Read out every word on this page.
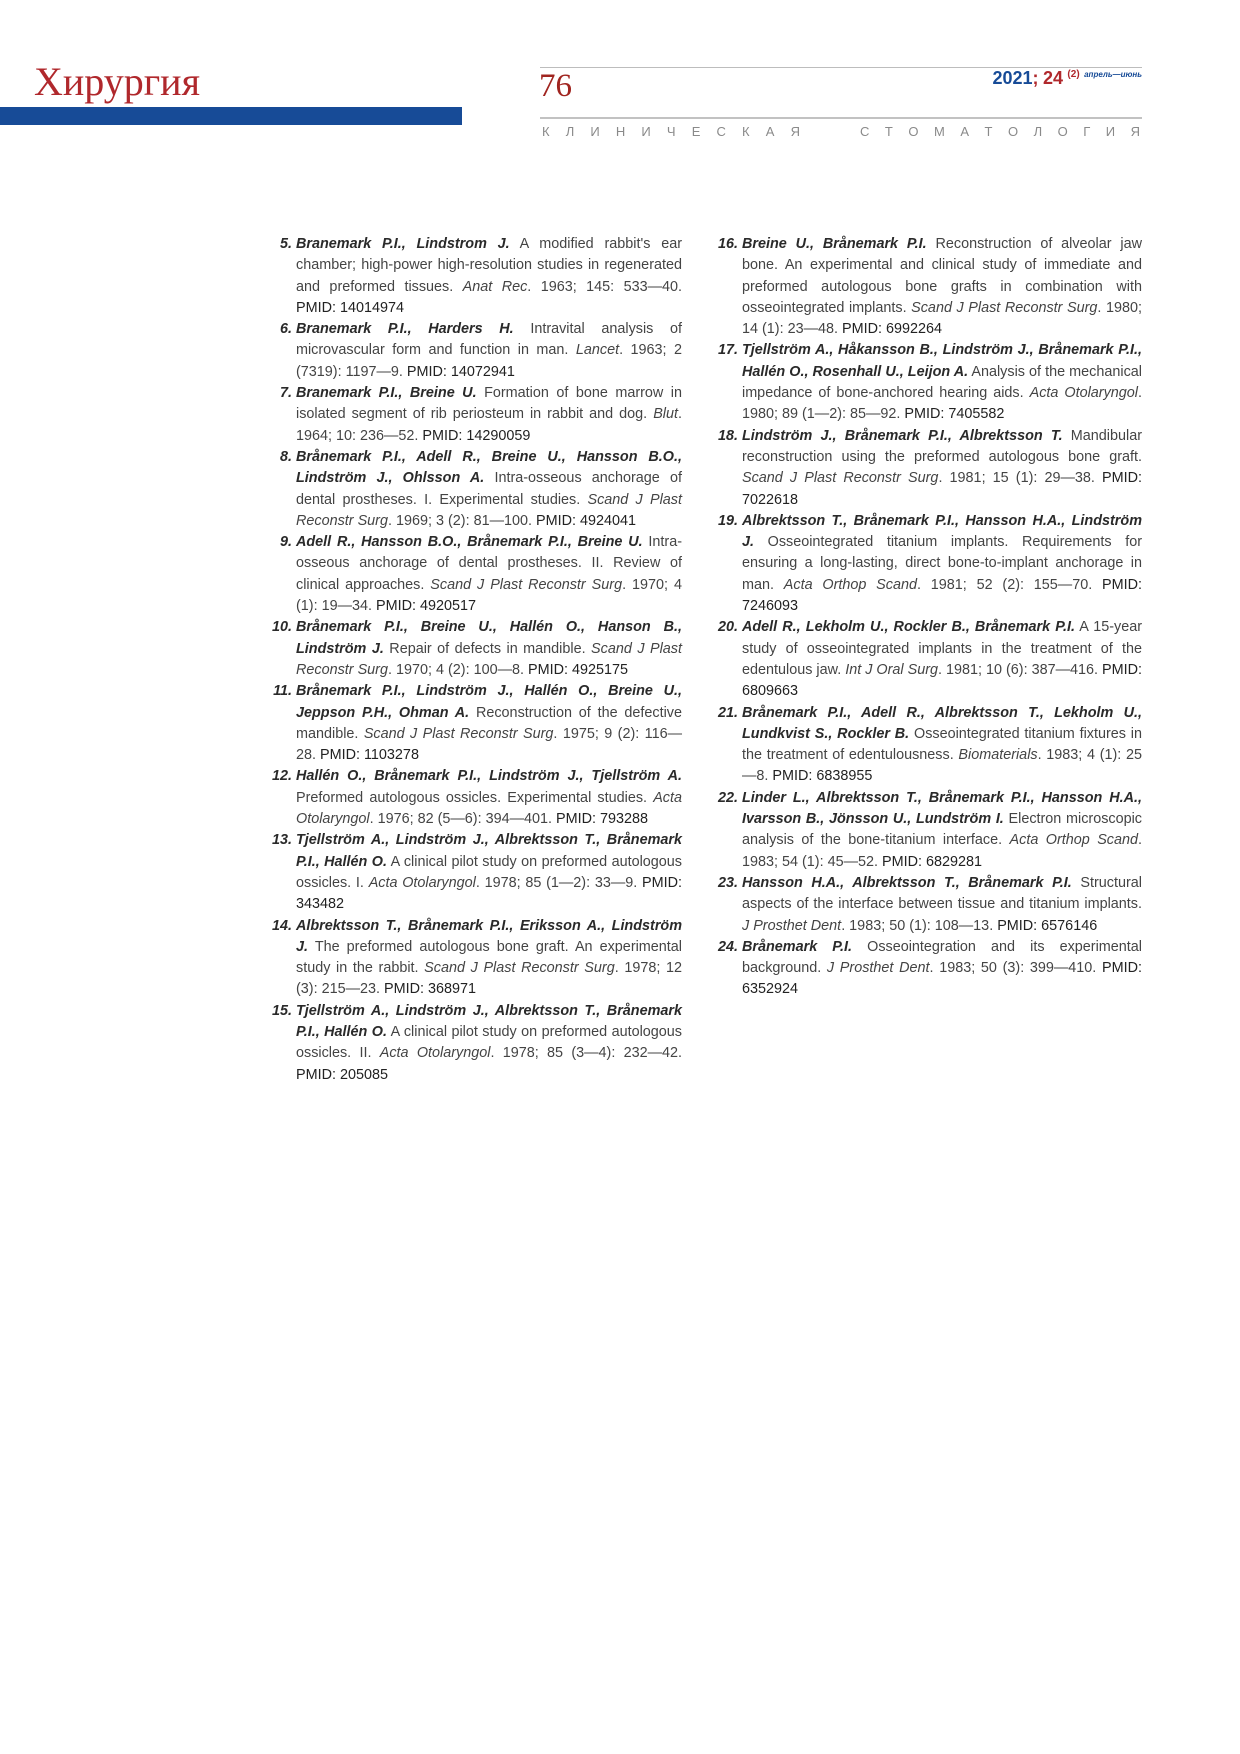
Хирургия	76	2021; 24 $^{(2)}$ $^{апрель—июнь}$
К Л И Н И Ч Е С К А Я	С Т О М А Т О Л О Г И Я
5. Branemark P.I., Lindstrom J. A modified rabbit's ear chamber; high-power high-resolution studies in regenerated and preformed tissues. Anat Rec. 1963; 145: 533—40. PMID: 14014974
6. Branemark P.I., Harders H. Intravital analysis of microvascular form and function in man. Lancet. 1963; 2 (7319): 1197—9. PMID: 14072941
7. Branemark P.I., Breine U. Formation of bone marrow in isolated segment of rib periosteum in rabbit and dog. Blut. 1964; 10: 236—52. PMID: 14290059
8. Brånemark P.I., Adell R., Breine U., Hansson B.O., Lindström J., Ohlsson A. Intra-osseous anchorage of dental prostheses. I. Experimental studies. Scand J Plast Reconstr Surg. 1969; 3 (2): 81—100. PMID: 4924041
9. Adell R., Hansson B.O., Brånemark P.I., Breine U. Intra-osseous anchorage of dental prostheses. II. Review of clinical approaches. Scand J Plast Reconstr Surg. 1970; 4 (1): 19—34. PMID: 4920517
10. Brånemark P.I., Breine U., Hallén O., Hanson B., Lindström J. Repair of defects in mandible. Scand J Plast Reconstr Surg. 1970; 4 (2): 100—8. PMID: 4925175
11. Brånemark P.I., Lindström J., Hallén O., Breine U., Jeppson P.H., Ohman A. Reconstruction of the defective mandible. Scand J Plast Reconstr Surg. 1975; 9 (2): 116—28. PMID: 1103278
12. Hallén O., Brånemark P.I., Lindström J., Tjellström A. Preformed autologous ossicles. Experimental studies. Acta Otolaryngol. 1976; 82 (5—6): 394—401. PMID: 793288
13. Tjellström A., Lindström J., Albrektsson T., Brånemark P.I., Hallén O. A clinical pilot study on preformed autologous ossicles. I. Acta Otolaryngol. 1978; 85 (1—2): 33—9. PMID: 343482
14. Albrektsson T., Brånemark P.I., Eriksson A., Lindström J. The preformed autologous bone graft. An experimental study in the rabbit. Scand J Plast Reconstr Surg. 1978; 12 (3): 215—23. PMID: 368971
15. Tjellström A., Lindström J., Albrektsson T., Brånemark P.I., Hallén O. A clinical pilot study on preformed autologous ossicles. II. Acta Otolaryngol. 1978; 85 (3—4): 232—42. PMID: 205085
16. Breine U., Brånemark P.I. Reconstruction of alveolar jaw bone. An experimental and clinical study of immediate and preformed autologous bone grafts in combination with osseointegrated implants. Scand J Plast Reconstr Surg. 1980; 14 (1): 23—48. PMID: 6992264
17. Tjellström A., Håkansson B., Lindström J., Brånemark P.I., Hallén O., Rosenhall U., Leijon A. Analysis of the mechanical impedance of bone-anchored hearing aids. Acta Otolaryngol. 1980; 89 (1—2): 85—92. PMID: 7405582
18. Lindström J., Brånemark P.I., Albrektsson T. Mandibular reconstruction using the preformed autologous bone graft. Scand J Plast Reconstr Surg. 1981; 15 (1): 29—38. PMID: 7022618
19. Albrektsson T., Brånemark P.I., Hansson H.A., Lindström J. Osseointegrated titanium implants. Requirements for ensuring a long-lasting, direct bone-to-implant anchorage in man. Acta Orthop Scand. 1981; 52 (2): 155—70. PMID: 7246093
20. Adell R., Lekholm U., Rockler B., Brånemark P.I. A 15-year study of osseointegrated implants in the treatment of the edentulous jaw. Int J Oral Surg. 1981; 10 (6): 387—416. PMID: 6809663
21. Brånemark P.I., Adell R., Albrektsson T., Lekholm U., Lundkvist S., Rockler B. Osseointegrated titanium fixtures in the treatment of edentulousness. Biomaterials. 1983; 4 (1): 25—8. PMID: 6838955
22. Linder L., Albrektsson T., Brånemark P.I., Hansson H.A., Ivarsson B., Jönsson U., Lundström I. Electron microscopic analysis of the bone-titanium interface. Acta Orthop Scand. 1983; 54 (1): 45—52. PMID: 6829281
23. Hansson H.A., Albrektsson T., Brånemark P.I. Structural aspects of the interface between tissue and titanium implants. J Prosthet Dent. 1983; 50 (1): 108—13. PMID: 6576146
24. Brånemark P.I. Osseointegration and its experimental background. J Prosthet Dent. 1983; 50 (3): 399—410. PMID: 6352924
